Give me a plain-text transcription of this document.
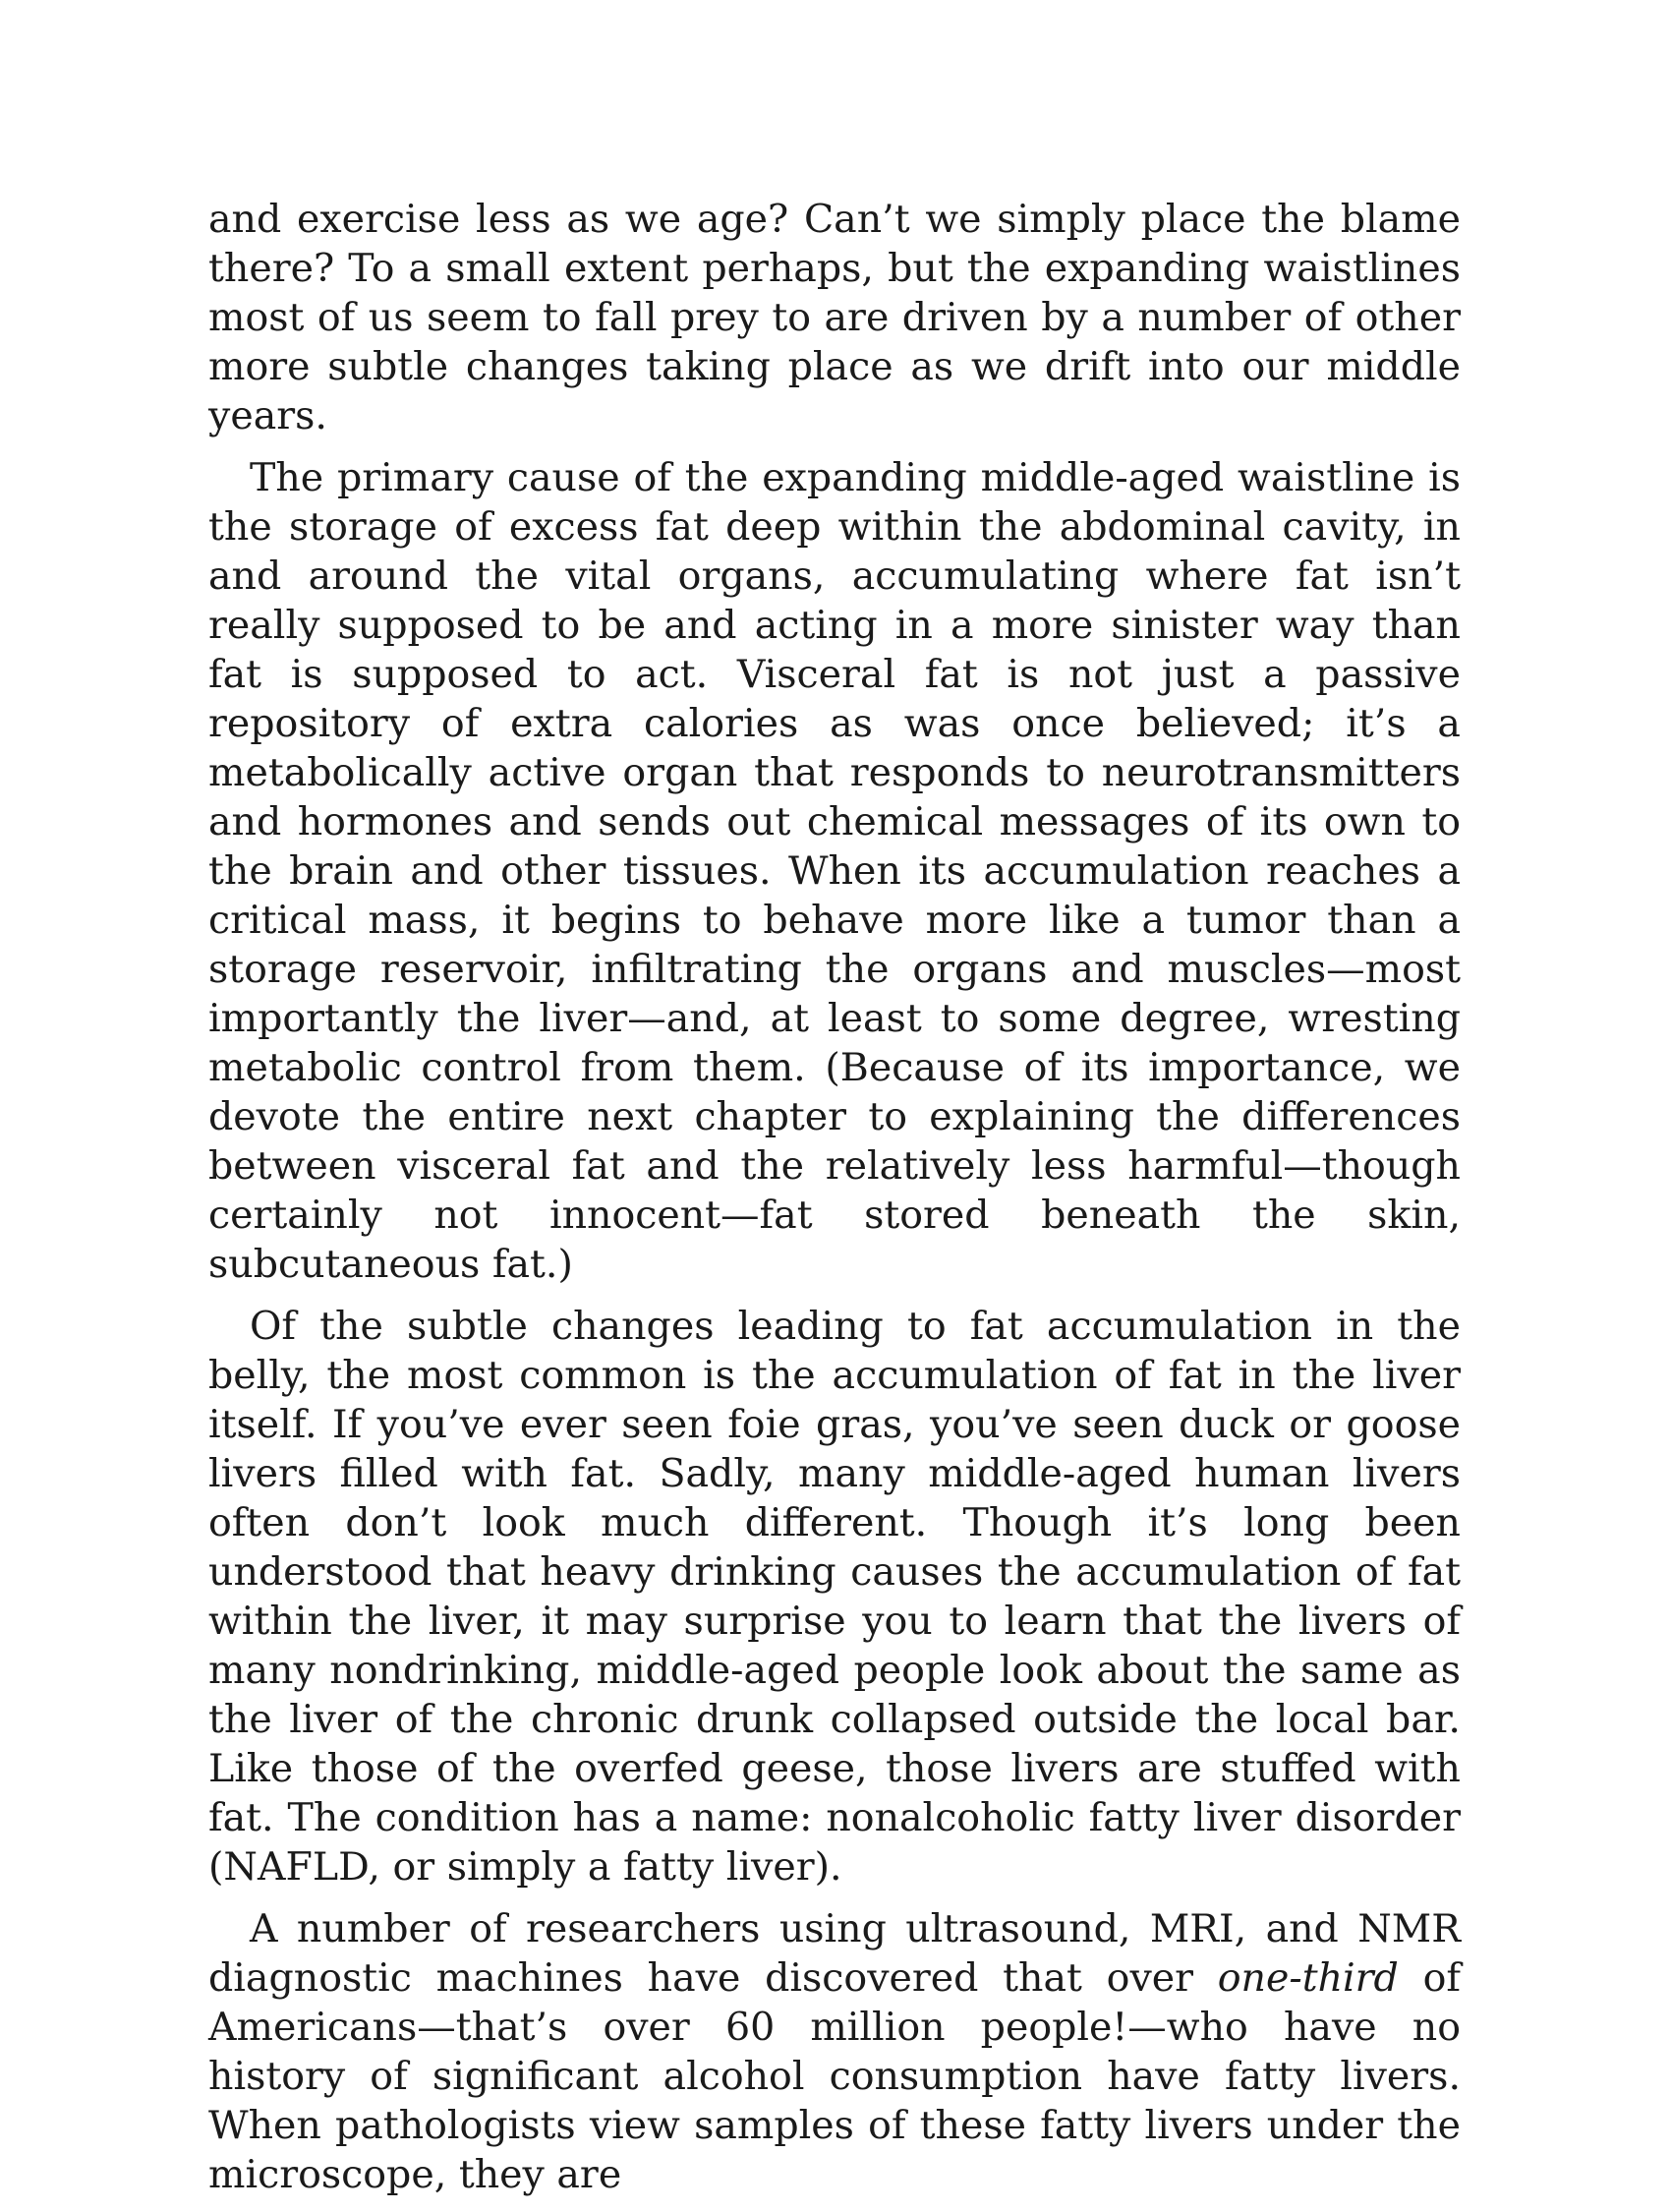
and exercise less as we age? Can’t we simply place the blame there? To a small extent perhaps, but the expanding waistlines most of us seem to fall prey to are driven by a number of other more subtle changes taking place as we drift into our middle years.

The primary cause of the expanding middle-aged waistline is the storage of excess fat deep within the abdominal cavity, in and around the vital organs, accumulating where fat isn’t really supposed to be and acting in a more sinister way than fat is supposed to act. Visceral fat is not just a passive repository of extra calories as was once believed; it’s a metabolically active organ that responds to neurotransmitters and hormones and sends out chemical messages of its own to the brain and other tissues. When its accumulation reaches a critical mass, it begins to behave more like a tumor than a storage reservoir, infiltrating the organs and muscles—most importantly the liver—and, at least to some degree, wresting metabolic control from them. (Because of its importance, we devote the entire next chapter to explaining the differences between visceral fat and the relatively less harmful—though certainly not innocent—fat stored beneath the skin, subcutaneous fat.)

Of the subtle changes leading to fat accumulation in the belly, the most common is the accumulation of fat in the liver itself. If you’ve ever seen foie gras, you’ve seen duck or goose livers filled with fat. Sadly, many middle-aged human livers often don’t look much different. Though it’s long been understood that heavy drinking causes the accumulation of fat within the liver, it may surprise you to learn that the livers of many nondrinking, middle-aged people look about the same as the liver of the chronic drunk collapsed outside the local bar. Like those of the overfed geese, those livers are stuffed with fat. The condition has a name: nonalcoholic fatty liver disorder (NAFLD, or simply a fatty liver).

A number of researchers using ultrasound, MRI, and NMR diagnostic machines have discovered that over one-third of Americans—that’s over 60 million people!—who have no history of significant alcohol consumption have fatty livers. When pathologists view samples of these fatty livers under the microscope, they are
